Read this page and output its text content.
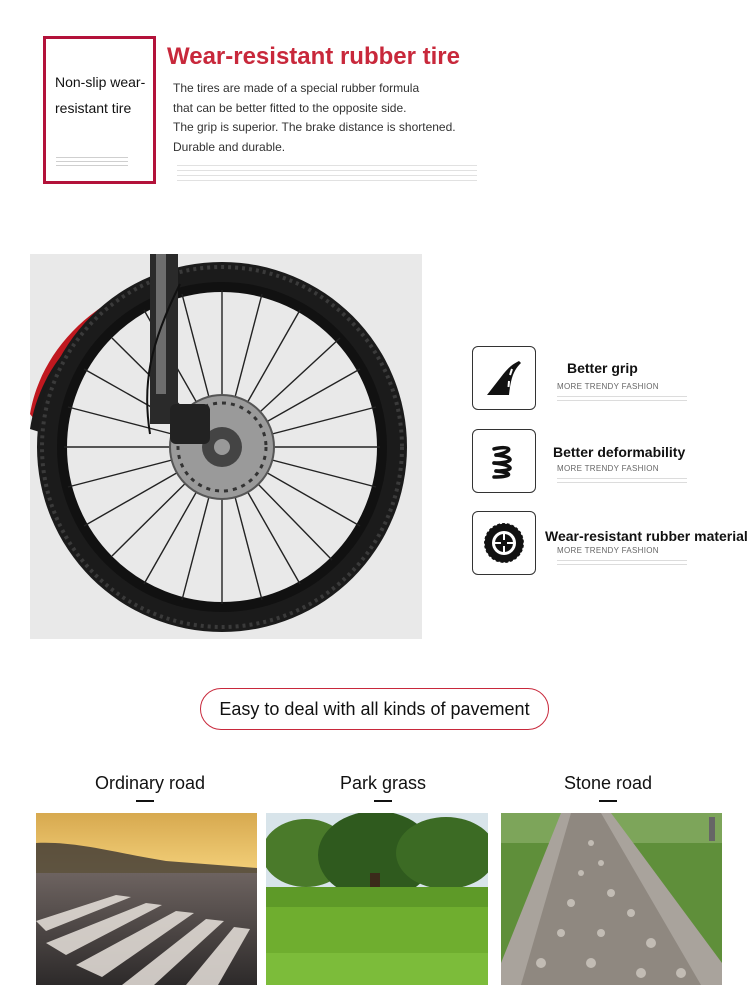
Non-slip wear-resistant tire
Wear-resistant rubber tire
The tires are made of a special rubber formula
that can be better fitted to the opposite side.
The grip is superior. The brake distance is shortened.
Durable and durable.
Better grip
MORE TRENDY FASHION
Better deformability
MORE TRENDY FASHION
Wear-resistant rubber material
MORE TRENDY FASHION
Easy to deal with all kinds of pavement
Ordinary road	Park grass	Stone road
